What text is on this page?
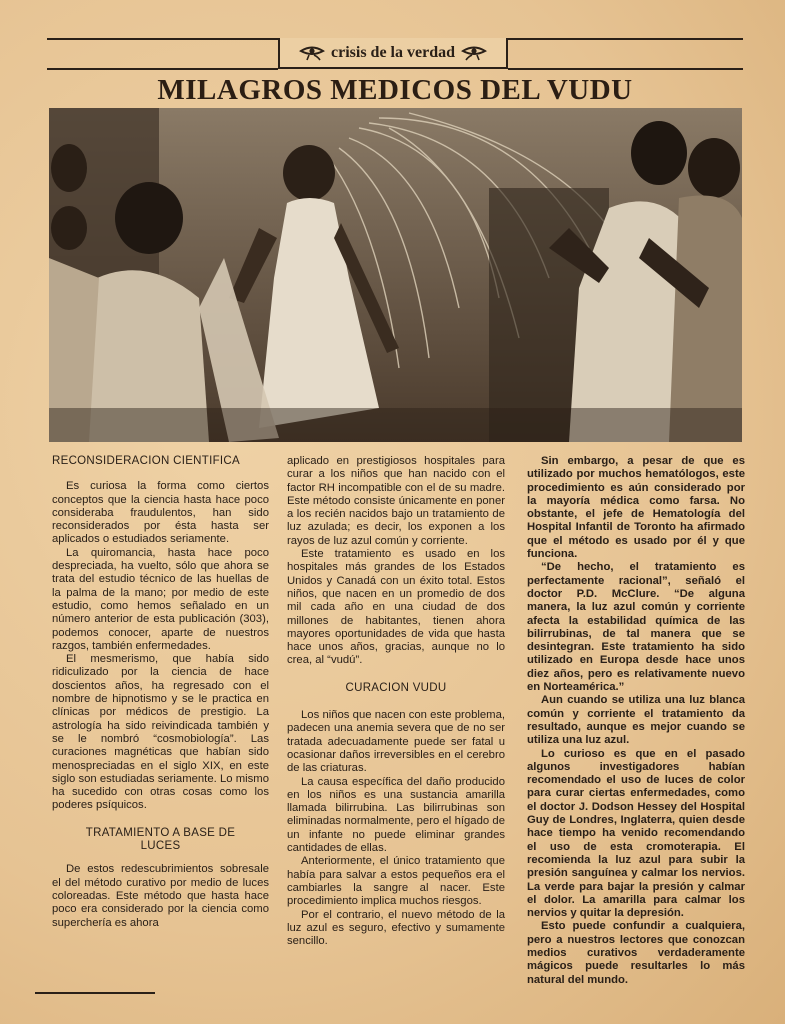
crisis de la verdad
MILAGROS MEDICOS DEL VUDU
RECONSIDERACION CIENTIFICA

Es curiosa la forma como ciertos conceptos que la ciencia hasta hace poco consideraba fraudulentos, han sido reconsiderados por ésta hasta ser aplicados o estudiados seriamente.

La quiromancia, hasta hace poco despreciada, ha vuelto, sólo que ahora se trata del estudio técnico de las huellas de la palma de la mano; por medio de este estudio, como hemos señalado en un número anterior de esta publicación (303), podemos conocer, aparte de nuestros razgos, también enfermedades.

El mesmerismo, que había sido ridiculizado por la ciencia de hace doscientos años, ha regresado con el nombre de hipnotismo y se le practica en clínicas por médicos de prestigio. La astrología ha sido reivindicada también y se le nombró “cosmobiología”. Las curaciones magnéticas que habían sido menospreciadas en el siglo XIX, en este siglo son estudiadas seriamente. Lo mismo ha sucedido con otras cosas como los poderes psíquicos.

TRATAMIENTO A BASE DE LUCES

De estos redescubrimientos sobresale el del método curativo por medio de luces coloreadas. Este método que hasta hace poco era considerado por la ciencia como superchería es ahora

aplicado en prestigiosos hospitales para curar a los niños que han nacido con el factor RH incompatible con el de su madre. Este método consiste únicamente en poner a los recién nacidos bajo un tratamiento de luz azulada; es decir, los exponen a los rayos de luz azul común y corriente.

Este tratamiento es usado en los hospitales más grandes de los Estados Unidos y Canadá con un éxito total. Estos niños, que nacen en un promedio de dos mil cada año en una ciudad de dos millones de habitantes, tienen ahora mayores oportunidades de vida que hasta hace unos años, gracias, aunque no lo crea, al “vudú”.

CURACION VUDU

Los niños que nacen con este problema, padecen una anemia severa que de no ser tratada adecuadamente puede ser fatal u ocasionar daños irreversibles en el cerebro de las criaturas.

La causa específica del daño producido en los niños es una sustancia amarilla llamada bilirrubina. Las bilirrubinas son eliminadas normalmente, pero el hígado de un infante no puede eliminar grandes cantidades de ellas.

Anteriormente, el único tratamiento que había para salvar a estos pequeños era el cambiarles la sangre al nacer. Este procedimiento implica muchos riesgos.

Por el contrario, el nuevo método de la luz azul es seguro, efectivo y sumamente sencillo.

Sin embargo, a pesar de que es utilizado por muchos hematólogos, este procedimiento es aún considerado por la mayoría médica como farsa. No obstante, el jefe de Hematología del Hospital Infantil de Toronto ha afirmado que el método es usado por él y que funciona.

“De hecho, el tratamiento es perfectamente racional”, señaló el doctor P.D. McClure. “De alguna manera, la luz azul común y corriente afecta la estabilidad química de las bilirrubinas, de tal manera que se desintegran. Este tratamiento ha sido utilizado en Europa desde hace unos diez años, pero es relativamente nuevo en Norteamérica.”

Aun cuando se utiliza una luz blanca común y corriente el tratamiento da resultado, aunque es mejor cuando se utiliza una luz azul.

Lo curioso es que en el pasado algunos investigadores habían recomendado el uso de luces de color para curar ciertas enfermedades, como el doctor J. Dodson Hessey del Hospital Guy de Londres, Inglaterra, quien desde hace tiempo ha venido recomendando el uso de esta cromoterapia. El recomienda la luz azul para subir la presión sanguínea y calmar los nervios. La verde para bajar la presión y calmar el dolor. La amarilla para calmar los nervios y quitar la depresión.

Esto puede confundir a cualquiera, pero a nuestros lectores que conozcan medios curativos verdaderamente mágicos puede resultarles lo más natural del mundo.
